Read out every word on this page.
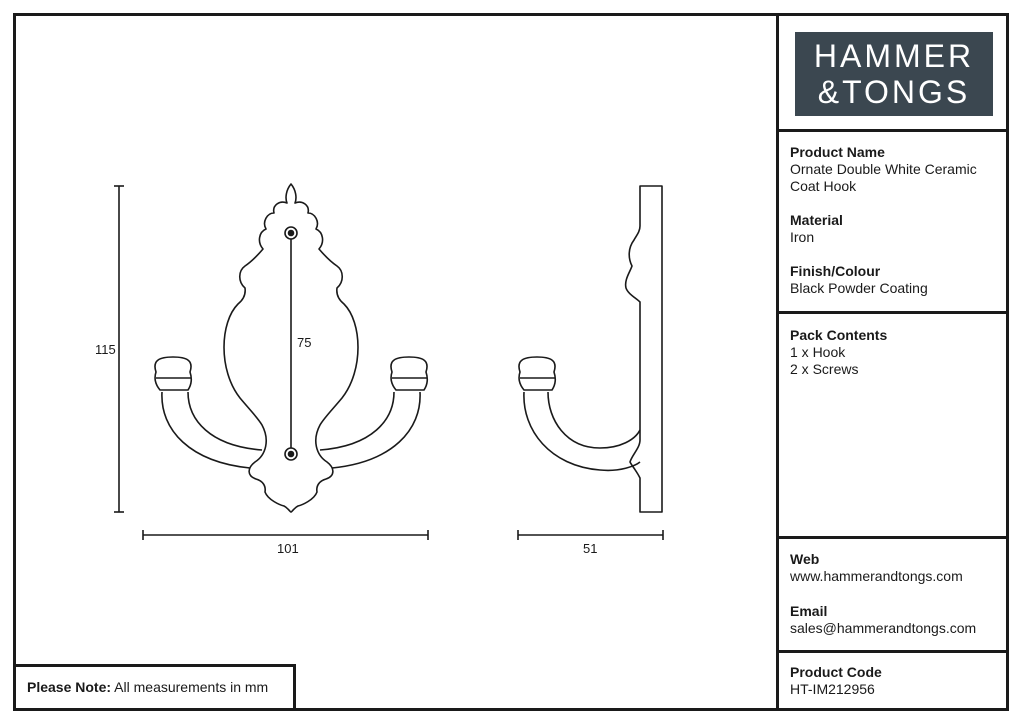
HAMMER
&TONGS
Product Name
Ornate Double White Ceramic Coat Hook
Material
Iron
Finish/Colour
Black Powder Coating
Pack Contents
1 x Hook
2 x Screws
Web
www.hammerandtongs.com
Email
sales@hammerandtongs.com
Product Code
HT-IM212956
Please Note: All measurements in mm
115	75
101	51
